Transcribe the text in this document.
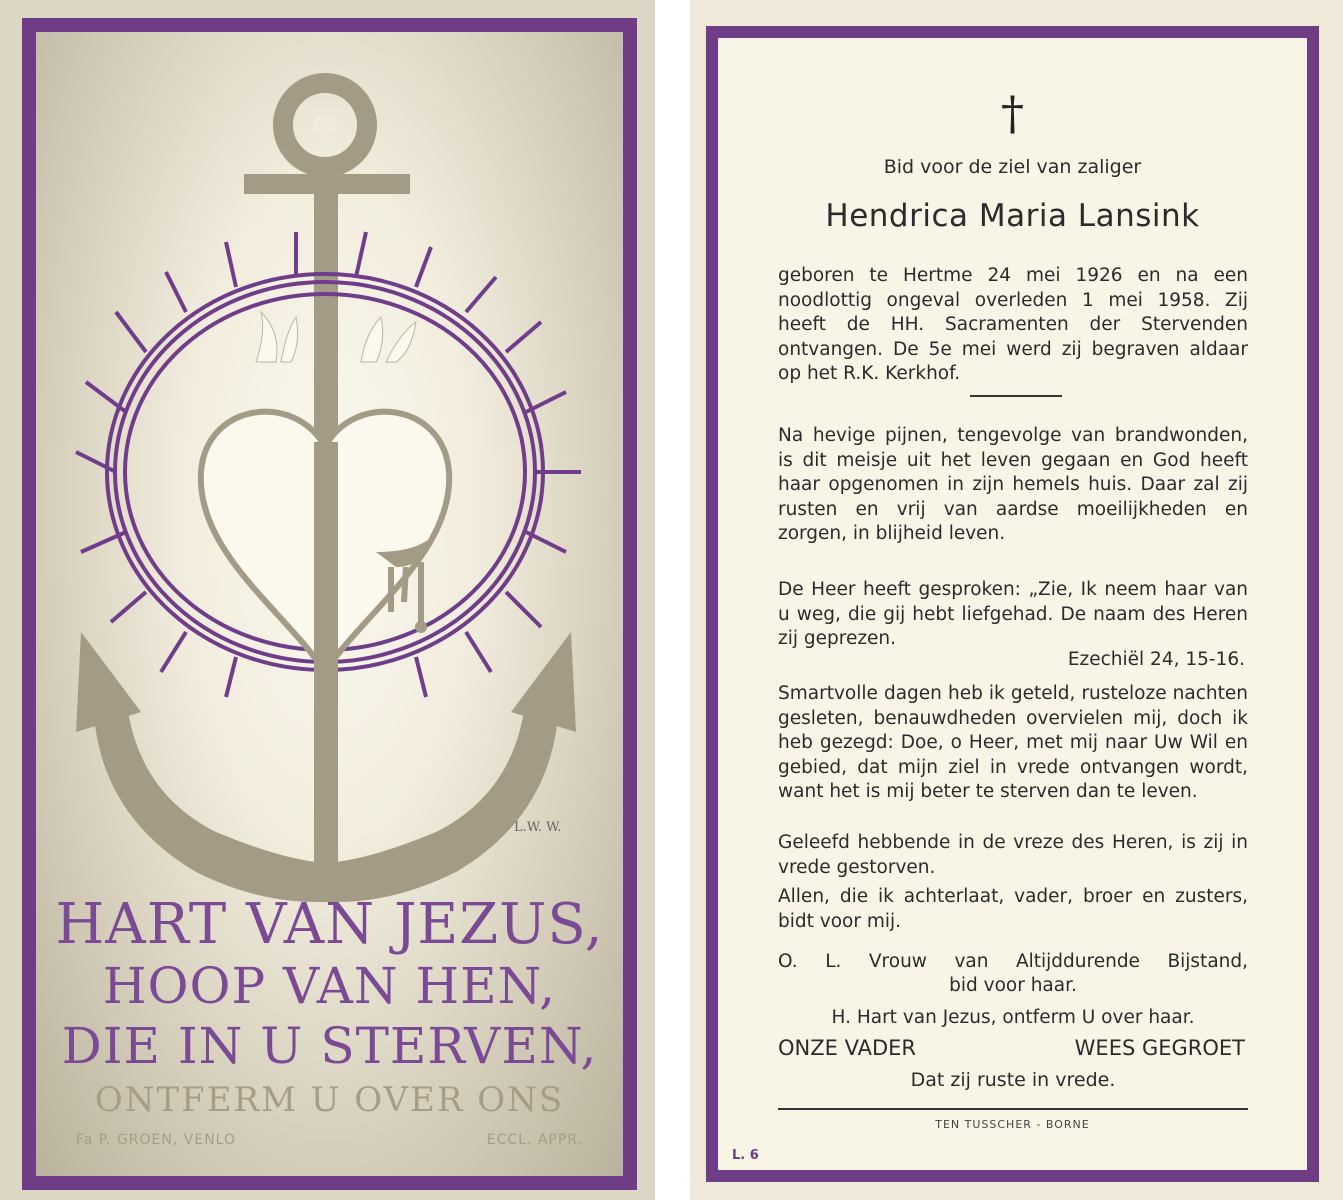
L.W. W.
HART VAN JEZUS,
HOOP VAN HEN,
DIE IN U STERVEN,
ONTFERM U OVER ONS
Fa P. GROEN, VENLO	ECCL. APPR.
†
Bid voor de ziel van zaliger
Hendrica Maria Lansink
geboren te Hertme 24 mei 1926 en na een noodlottig ongeval overleden 1 mei 1958. Zij heeft de HH. Sacramenten der Stervenden ontvangen. De 5e mei werd zij begraven aldaar op het R.K. Kerkhof.
Na hevige pijnen, tengevolge van brandwonden, is dit meisje uit het leven gegaan en God heeft haar opgenomen in zijn hemels huis. Daar zal zij rusten en vrij van aardse moeilijkheden en zorgen, in blijheid leven.
De Heer heeft gesproken: „Zie, Ik neem haar van u weg, die gij hebt liefgehad. De naam des Heren zij geprezen.
Ezechiël 24, 15-16.
Smartvolle dagen heb ik geteld, rusteloze nachten gesleten, benauwdheden overvielen mij, doch ik heb gezegd: Doe, o Heer, met mij naar Uw Wil en gebied, dat mijn ziel in vrede ontvangen wordt, want het is mij beter te sterven dan te leven.
Geleefd hebbende in de vreze des Heren, is zij in vrede gestorven.
Allen, die ik achterlaat, vader, broer en zusters, bidt voor mij.
O. L. Vrouw van Altijddurende Bijstand,
bid voor haar.
H. Hart van Jezus, ontferm U over haar.
ONZE VADER	WEES GEGROET
Dat zij ruste in vrede.
TEN TUSSCHER - BORNE
L. 6
